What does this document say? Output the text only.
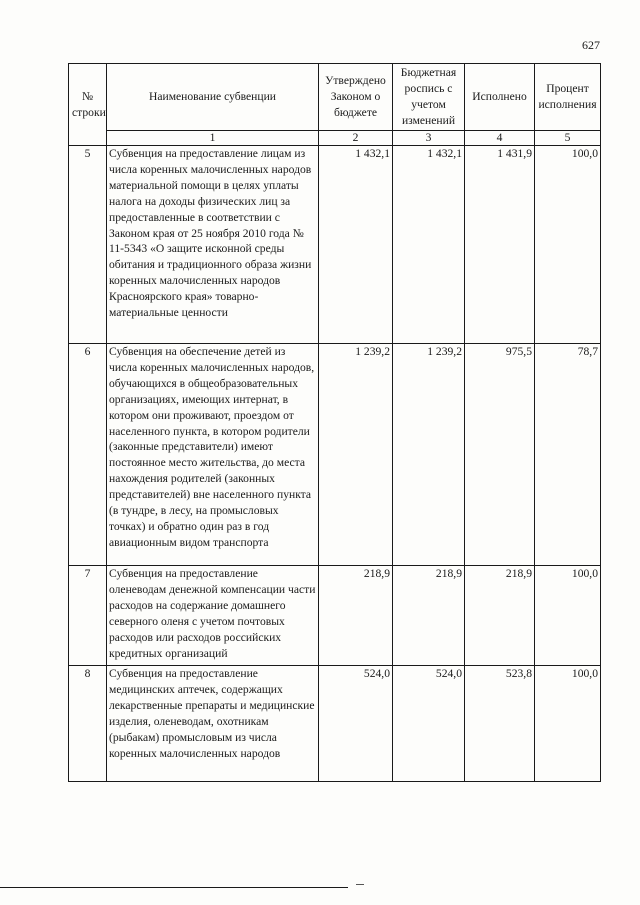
627
№ строки	Наименование субвенции	Утверждено Законом о бюджете	Бюджетная роспись с учетом изменений	Исполнено	Процент исполнения
	1	2	3	4	5
5	Субвенция на предоставление лицам из числа коренных малочисленных народов материальной помощи в целях уплаты налога на доходы физических лиц за предоставленные в соответствии с Законом края от 25 ноября 2010 года № 11-5343 «О защите исконной среды обитания и традиционного образа жизни коренных малочисленных народов Красноярского края» товарно-материальные ценности	1 432,1	1 432,1	1 431,9	100,0
6	Субвенция на обеспечение детей из числа коренных малочисленных народов, обучающихся в общеобразовательных организациях, имеющих интернат, в котором они проживают, проездом от населенного пункта, в котором родители (законные представители) имеют постоянное место жительства, до места нахождения родителей (законных представителей) вне населенного пункта (в тундре, в лесу, на промысловых точках) и обратно один раз в год авиационным видом транспорта	1 239,2	1 239,2	975,5	78,7
7	Субвенция на предоставление оленеводам денежной компенсации части расходов на содержание домашнего северного оленя с учетом почтовых расходов или расходов российских кредитных организаций	218,9	218,9	218,9	100,0
8	Субвенция на предоставление медицинских аптечек, содержащих лекарственные препараты и медицинские изделия, оленеводам, охотникам (рыбакам) промысловым из числа коренных малочисленных народов	524,0	524,0	523,8	100,0
